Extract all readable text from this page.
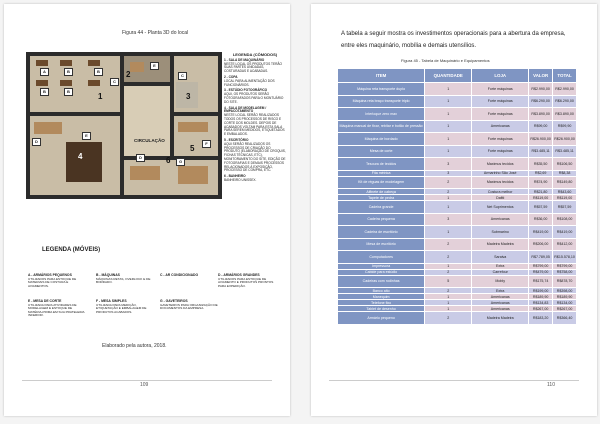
Figura 44 - Planta 3D do local
A	B	B
B	B
C
E
C
D
E
D
F
G
1
2
3
4
5
6
CIRCULAÇÃO
LEGENDA (CÔMODOS)
1 - SALA DE MAQUINÁRIO
NESTE LOCAL OS PRODUTOS TERÃO SUAS PARTES UNIDADAS, COSTURADAS E ACABADAS.
2 - COPA
LOCAL PARA ALIMENTAÇÃO DOS FUNCIONÁRIOS.
3 - ESTÚDIO FOTOGRÁFICO
AQUI, OS PRODUTOS SERÃO FOTOGRAFADOS PARA O MONTUÁRIO DO SITE.
4 - SALA DE MODELAGEM / EMPACOTAMENTO
NESTE LOCAL SERÃO REALIZADOS TODOS OS PROCESSOS DE RISCO E CORTE DOS MOLDES. DEPOIS DE ACABADOS VOLTAM PARA ESTA SALA PARA SEREM MEDIDOS, ETIQUETADOS E EMBALADOS.
5 - ESCRITÓRIO
AQUI SERÃO REALIZADOS OS PROCESSOS DE CRIAÇÃO DO PRODUTO (ELABORAÇÃO DE CROQUIS, FICHAS TÉCNICAS, ETC), MONITORAMENTO DO SITE, EDIÇÃO DE FOTOGRAFIAS E DEMAIS PROCESSOS RELACIONADOS À EXPOSIÇÃO, PROCESSO DE COMPRA, ETC.
6 - BANHEIRO
BANHEIRO UNISSEX.
LEGENDA (MÓVEIS)
A - ARMÁRIOS PEQUENOS
UTILIZADOS PARA ESTOQUE DE MATERIAIS DE COSTURA E AVIAMENTOS.
B - MÁQUINAS
MÁQUINAS RETAS, OVERLOCK E DE BORDADO.
C - AR CONDICIONADO	D - ARMÁRIOS GRANDES
UTILIZADOS PARA ESTOQUE DE AVIAMENTO E PRODUTOS PRONTOS PARA EXPEDIÇÃO.
E - MESA DE CORTE
UTILIZADA PARA ATIVIDADES DE MODELAGEM E ESTOQUE DE MATÉRIA-PRIMA EM SUA PRATELEIRA INFERIOR.
F - MESA SIMPLES
UTILIZADA PARA MEDIÇÃO, ETIQUETAÇÃO E EMBALAGEM DE PRODUTOS ACABADOS.
G - GAVETEIROS
GAVETEIROS PARA ORGANIZAÇÃO DE DOCUMENTOS DA EMPRESA.
Elaborado pela autora, 2018.
109
A tabela a seguir mostra os investimentos operacionais para a abertura da empresa, entre eles maquinário, mobília e demais utensílios.
Figura 45 - Tabela de Maquinário e Equipamentos
ITEM	QUANTIDADE	LOJA	VALOR	TOTAL
Máquina reta transporte duplo	1	Forte máquinas	R$2.990,00	R$2.990,00
Máquina reta braço transporte triplo	1	Forte máquinas	R$6.290,00	R$6.290,00
Interloque zero max	1	Forte máquinas	R$3.890,00	R$3.890,00
Máquina manual de fixar, rebitar e botão de pressão	1	Americanas	R$99,00	R$99,90
Máquina de bordado	1	Forte máquinas	R$26.900,00	R$26.900,00
Mesa de corte	1	Forte máquinas	R$3.485,11	R$3.485,11
Tesoura de tecidos	3	Maximus tecidos	R$35,50	R$106,50
Fita métrica	3	Armarinho São José	R$2,69	R$8,38
Kit de réguas de modelagem	2	Maximus tecidos	R$74,90	R$149,80
Alfinete de cabeça	2	Costura melhor	R$21,80	R$43,60
Tapete de pedra	1	Dafiti	R$119,00	R$119,00
Cadeira grande	1	Net Suprimentos	R$57,59	R$57,59
Cadeira pequena	3	Americanas	R$36,00	R$108,00
Cadeira de escritório	1	Submarino	R$419,00	R$419,00
Mesa de escritório	2	Madeira Madeira	R$206,00	R$412,00
Computadores	2	Saraiva	R$7.789,05	R$15.578,10
Impressora	1	Extra	R$799,00	R$799,00
Cabide para estúdio	2	Carrefour	R$479,00	R$758,00
Cadeiras com rodinhas	5	Mobly	R$175,74	R$878,70
Banco alto	2	Extra	R$199,00	R$398,00
Manequim	1	Americanas	R$189,90	R$189,90
Telefone fixo	1	Americanas	R$134,83	R$134,00
Tablet de desenho	1	Americanas	R$267,00	R$267,00
Armário pequeno	2	Madeira Madeira	R$183,20	R$366,40
110
